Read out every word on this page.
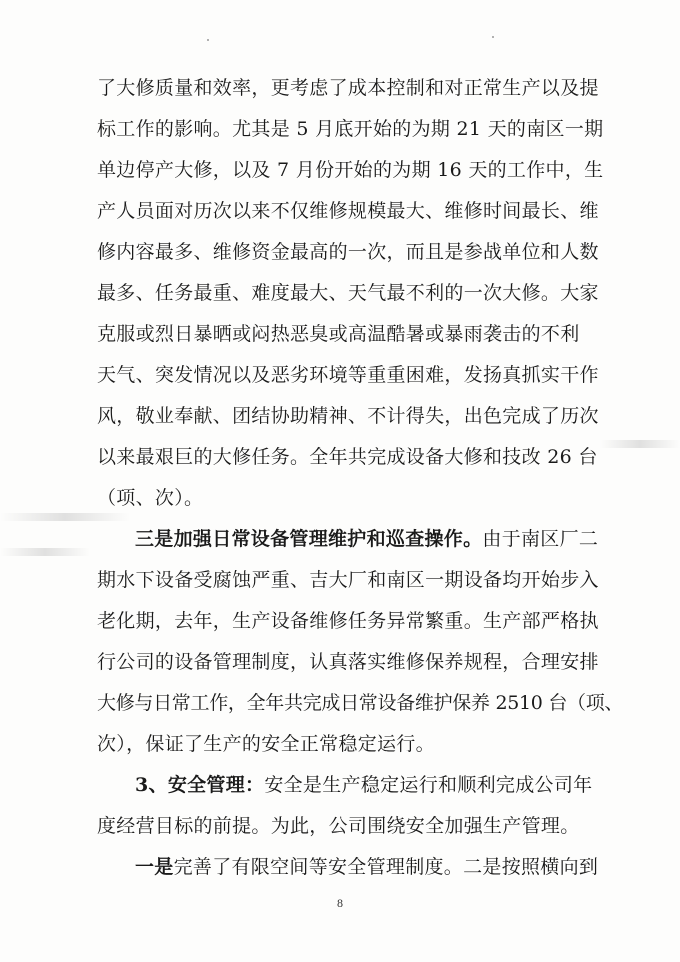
了大修质量和效率，更考虑了成本控制和对正常生产以及提
标工作的影响。尤其是 5 月底开始的为期 21 天的南区一期
单边停产大修，以及 7 月份开始的为期 16 天的工作中，生
产人员面对历次以来不仅维修规模最大、维修时间最长、维
修内容最多、维修资金最高的一次，而且是参战单位和人数
最多、任务最重、难度最大、天气最不利的一次大修。大家
克服或烈日暴晒或闷热恶臭或高温酷暑或暴雨袭击的不利
天气、突发情况以及恶劣环境等重重困难，发扬真抓实干作
风，敬业奉献、团结协助精神、不计得失，出色完成了历次
以来最艰巨的大修任务。全年共完成设备大修和技改 26 台
（项、次）。
三是加强日常设备管理维护和巡查操作。由于南区厂二
期水下设备受腐蚀严重、吉大厂和南区一期设备均开始步入
老化期，去年，生产设备维修任务异常繁重。生产部严格执
行公司的设备管理制度，认真落实维修保养规程，合理安排
大修与日常工作，全年共完成日常设备维护保养 2510 台（项、
次），保证了生产的安全正常稳定运行。
3、安全管理：安全是生产稳定运行和顺利完成公司年
度经营目标的前提。为此，公司围绕安全加强生产管理。
一是完善了有限空间等安全管理制度。二是按照横向到
8
